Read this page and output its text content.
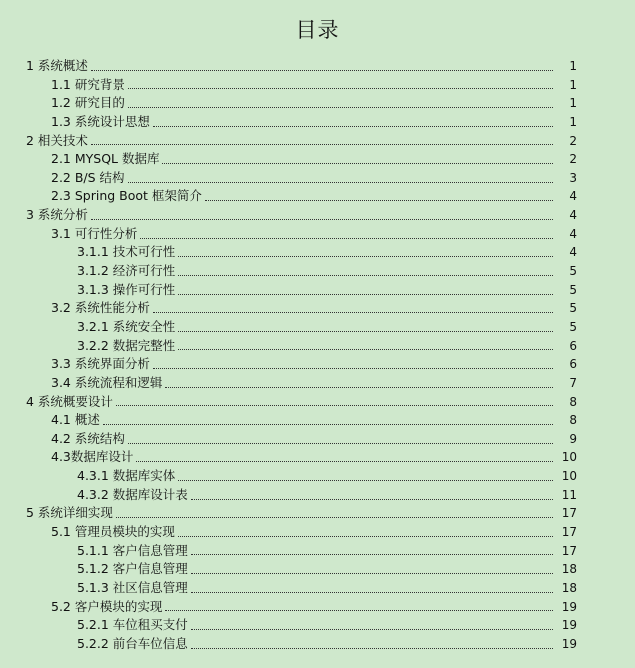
目录
1 系统概述	1
1.1 研究背景	1
1.2 研究目的	1
1.3 系统设计思想	1
2 相关技术	2
2.1 MYSQL 数据库	2
2.2 B/S 结构	3
2.3 Spring Boot 框架简介	4
3 系统分析	4
3.1 可行性分析	4
3.1.1 技术可行性	4
3.1.2 经济可行性	5
3.1.3 操作可行性	5
3.2 系统性能分析	5
3.2.1 系统安全性	5
3.2.2 数据完整性	6
3.3 系统界面分析	6
3.4 系统流程和逻辑	7
4 系统概要设计	8
4.1 概述	8
4.2 系统结构	9
4.3数据库设计	10
4.3.1 数据库实体	10
4.3.2 数据库设计表	11
5 系统详细实现	17
5.1 管理员模块的实现	17
5.1.1 客户信息管理	17
5.1.2 客户信息管理	18
5.1.3 社区信息管理	18
5.2 客户模块的实现	19
5.2.1 车位租买支付	19
5.2.2 前台车位信息	19
